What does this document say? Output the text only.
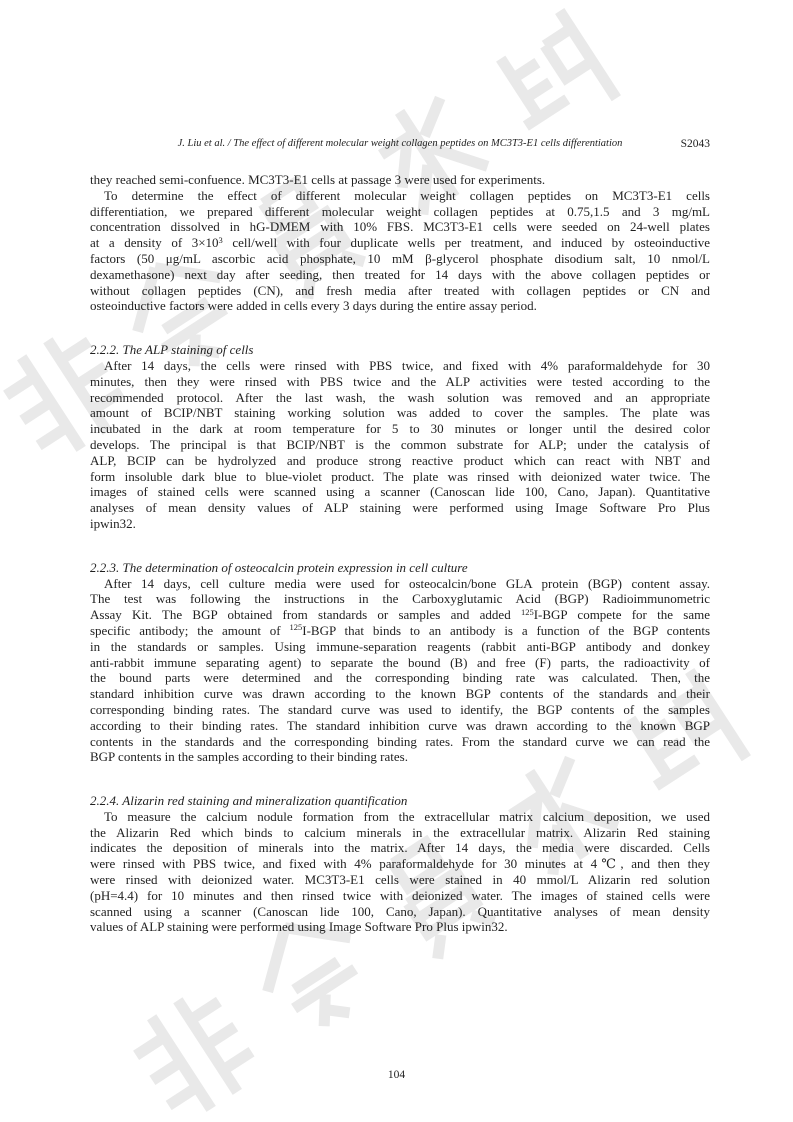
J. Liu et al. / The effect of different molecular weight collagen peptides on MC3T3-E1 cells differentiation	S2043
they reached semi-confuence. MC3T3-E1 cells at passage 3 were used for experiments.
To determine the effect of different molecular weight collagen peptides on MC3T3-E1 cells
differentiation, we prepared different molecular weight collagen peptides at 0.75,1.5 and 3 mg/mL
concentration dissolved in hG-DMEM with 10% FBS. MC3T3-E1 cells were seeded on 24-well plates
at a density of $3\times 10^3$ cell/well with four duplicate wells per treatment, and induced by osteoinductive
factors (50 μg/mL ascorbic acid phosphate, 10 mM β-glycerol phosphate disodium salt, 10 nmol/L
dexamethasone) next day after seeding, then treated for 14 days with the above collagen peptides or
without collagen peptides (CN), and fresh media after treated with collagen peptides or CN and
osteoinductive factors were added in cells every 3 days during the entire assay period.
2.2.2. The ALP staining of cells
After 14 days, the cells were rinsed with PBS twice, and fixed with 4% paraformaldehyde for 30
minutes, then they were rinsed with PBS twice and the ALP activities were tested according to the
recommended protocol. After the last wash, the wash solution was removed and an appropriate
amount of BCIP/NBT staining working solution was added to cover the samples. The plate was
incubated in the dark at room temperature for 5 to 30 minutes or longer until the desired color
develops. The principal is that BCIP/NBT is the common substrate for ALP; under the catalysis of
ALP, BCIP can be hydrolyzed and produce strong reactive product which can react with NBT and
form insoluble dark blue to blue-violet product. The plate was rinsed with deionized water twice. The
images of stained cells were scanned using a scanner (Canoscan lide 100, Cano, Japan). Quantitative
analyses of mean density values of ALP staining were performed using Image Software Pro Plus
ipwin32.
2.2.3. The determination of osteocalcin protein expression in cell culture
After 14 days, cell culture media were used for osteocalcin/bone GLA protein (BGP) content assay.
The test was following the instructions in the Carboxyglutamic Acid (BGP) Radioimmunometric
Assay Kit. The BGP obtained from standards or samples and added $^{125}$I-BGP compete for the same
specific antibody; the amount of $^{125}$I-BGP that binds to an antibody is a function of the BGP contents
in the standards or samples. Using immune-separation reagents (rabbit anti-BGP antibody and donkey
anti-rabbit immune separating agent) to separate the bound (B) and free (F) parts, the radioactivity of
the bound parts were determined and the corresponding binding rate was calculated. Then, the
standard inhibition curve was drawn according to the known BGP contents of the standards and their
corresponding binding rates. The standard curve was used to identify, the BGP contents of the samples
according to their binding rates. The standard inhibition curve was drawn according to the known BGP
contents in the standards and the corresponding binding rates. From the standard curve we can read the
BGP contents in the samples according to their binding rates.
2.2.4. Alizarin red staining and mineralization quantification
To measure the calcium nodule formation from the extracellular matrix calcium deposition, we used
the Alizarin Red which binds to calcium minerals in the extracellular matrix. Alizarin Red staining
indicates the deposition of minerals into the matrix. After 14 days, the media were discarded. Cells
were rinsed with PBS twice, and fixed with 4% paraformaldehyde for 30 minutes at 4℃, and then they
were rinsed with deionized water. MC3T3-E1 cells were stained in 40 mmol/L Alizarin red solution
(pH=4.4) for 10 minutes and then rinsed twice with deionized water. The images of stained cells were
scanned using a scanner (Canoscan lide 100, Cano, Japan). Quantitative analyses of mean density
values of ALP staining were performed using Image Software Pro Plus ipwin32.
104
